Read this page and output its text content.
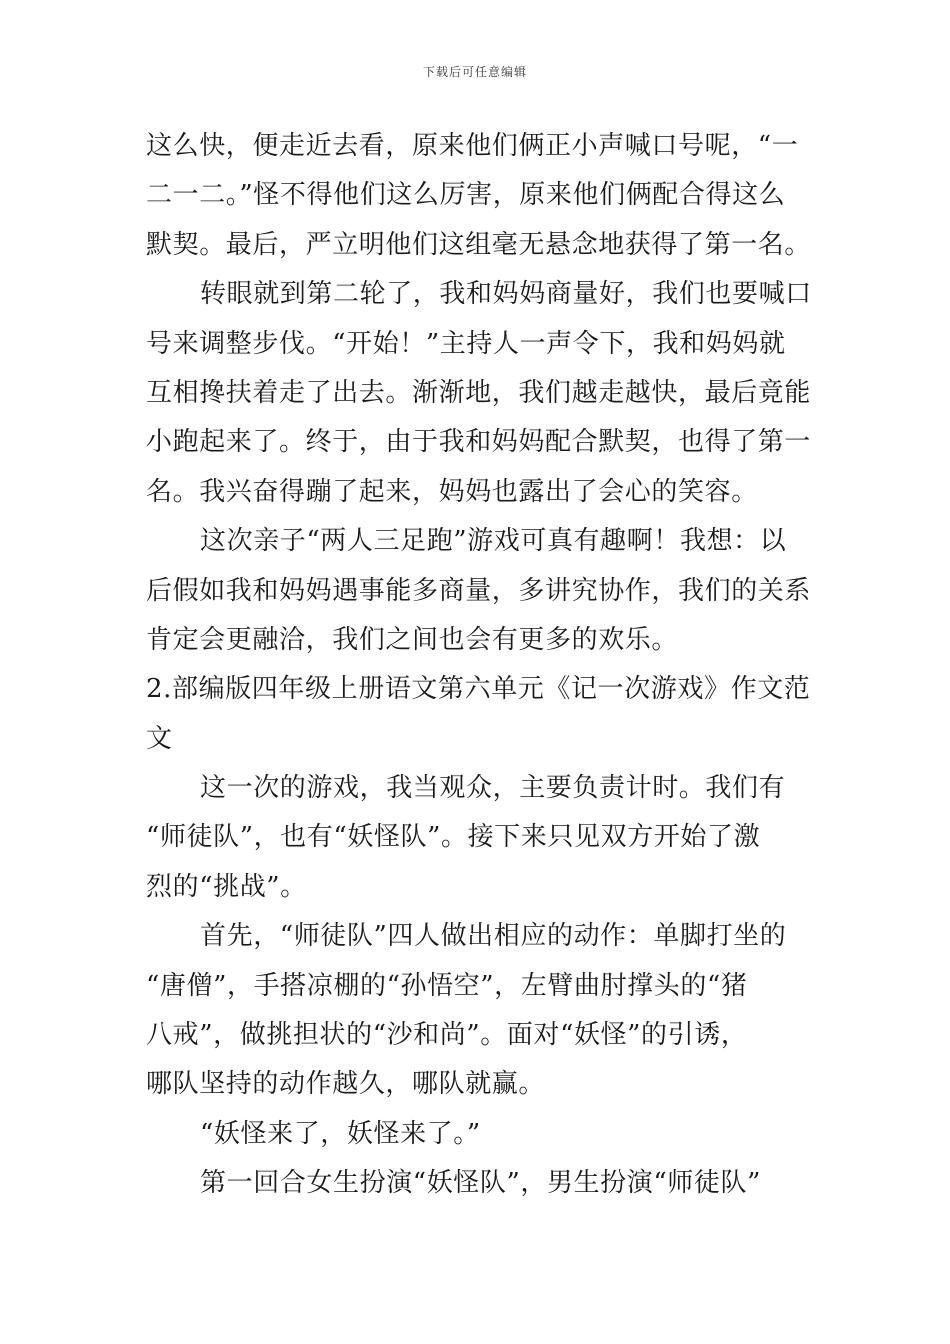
下载后可任意编辑
这么快，便走近去看，原来他们俩正小声喊口号呢，“一
二一二。”怪不得他们这么厉害，原来他们俩配合得这么
默契。最后，严立明他们这组毫无悬念地获得了第一名。
转眼就到第二轮了，我和妈妈商量好，我们也要喊口
号来调整步伐。“开始！”主持人一声令下，我和妈妈就
互相搀扶着走了出去。渐渐地，我们越走越快，最后竟能
小跑起来了。终于，由于我和妈妈配合默契，也得了第一
名。我兴奋得蹦了起来，妈妈也露出了会心的笑容。
这次亲子“两人三足跑”游戏可真有趣啊！我想：以
后假如我和妈妈遇事能多商量，多讲究协作，我们的关系
肯定会更融洽，我们之间也会有更多的欢乐。
2.部编版四年级上册语文第六单元《记一次游戏》作文范
文
这一次的游戏，我当观众，主要负责计时。我们有
“师徒队”，也有“妖怪队”。接下来只见双方开始了激
烈的“挑战”。
首先，“师徒队”四人做出相应的动作：单脚打坐的
“唐僧”，手搭凉棚的“孙悟空”，左臂曲肘撑头的“猪
八戒”，做挑担状的“沙和尚”。面对“妖怪”的引诱，
哪队坚持的动作越久，哪队就赢。
“妖怪来了，妖怪来了。”
第一回合女生扮演“妖怪队”，男生扮演“师徒队”
